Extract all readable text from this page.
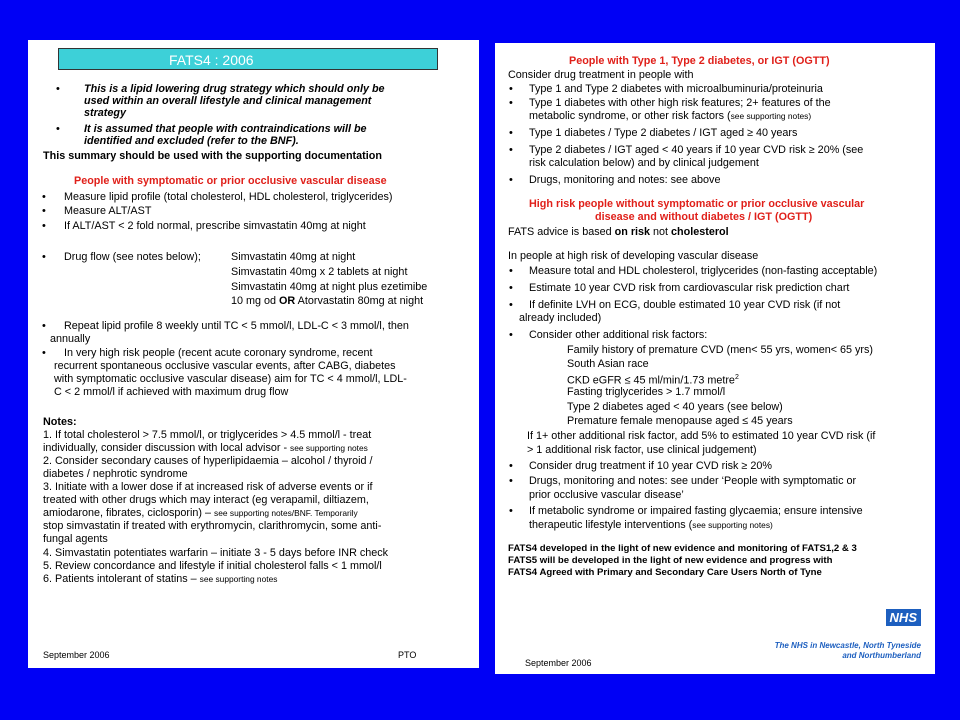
FATS4 : 2006
• This is a lipid lowering drug strategy which should only be
used within an overall lifestyle and clinical management
strategy
• It is assumed that people with contraindications will be
identified and excluded (refer to the BNF).
This summary should be used with the supporting documentation
People with symptomatic or prior occlusive vascular disease
• Measure lipid profile (total cholesterol, HDL cholesterol, triglycerides)
• Measure ALT/AST
• If ALT/AST < 2 fold normal, prescribe simvastatin 40mg at night
• Drug flow (see notes below);	Simvastatin 40mg at night
Simvastatin 40mg x 2 tablets at night
Simvastatin 40mg at night plus ezetimibe
10 mg od OR Atorvastatin 80mg at night
• Repeat lipid profile 8 weekly until TC < 5 mmol/l, LDL-C < 3 mmol/l, then
annually
• In very high risk people (recent acute coronary syndrome, recent
recurrent spontaneous occlusive vascular events, after CABG, diabetes
with symptomatic occlusive vascular disease) aim for TC < 4 mmol/l, LDL-
C < 2 mmol/l if achieved with maximum drug flow
Notes:
1. If total cholesterol > 7.5 mmol/l, or triglycerides > 4.5 mmol/l - treat
individually, consider discussion with local advisor - see supporting notes
2. Consider secondary causes of hyperlipidaemia – alcohol / thyroid /
diabetes / nephrotic syndrome
3. Initiate with a lower dose if at increased risk of adverse events or if
treated with other drugs which may interact (eg verapamil, diltiazem,
amiodarone, fibrates, ciclosporin) – see supporting notes/BNF. Temporarily
stop simvastatin if treated with erythromycin, clarithromycin, some anti-
fungal agents
4. Simvastatin potentiates warfarin – initiate 3 - 5 days before INR check
5. Review concordance and lifestyle if initial cholesterol falls < 1 mmol/l
6. Patients intolerant of statins – see supporting notes
September 2006	PTO
People with Type 1, Type 2 diabetes, or IGT (OGTT)
Consider drug treatment in people with
• Type 1 and Type 2 diabetes with microalbuminuria/proteinuria
• Type 1 diabetes with other high risk features; 2+ features of the
metabolic syndrome, or other risk factors (see supporting notes)
• Type 1 diabetes / Type 2 diabetes / IGT aged ≥ 40 years
• Type 2 diabetes / IGT aged < 40 years if 10 year CVD risk ≥ 20% (see
risk calculation below) and by clinical judgement
• Drugs, monitoring and notes: see above
High risk people without symptomatic or prior occlusive vascular
disease and without diabetes / IGT (OGTT)
FATS advice is based on risk not cholesterol
In people at high risk of developing vascular disease
• Measure total and HDL cholesterol, triglycerides (non-fasting acceptable)
• Estimate 10 year CVD risk from cardiovascular risk prediction chart
• If definite LVH on ECG, double estimated 10 year CVD risk (if not
already included)
• Consider other additional risk factors:
Family history of premature CVD (men< 55 yrs, women< 65 yrs)
South Asian race
CKD eGFR ≤ 45 ml/min/1.73 metre$^2$
Fasting triglycerides > 1.7 mmol/l
Type 2 diabetes aged < 40 years (see below)
Premature female menopause aged ≤ 45 years
If 1+ other additional risk factor, add 5% to estimated 10 year CVD risk (if
> 1 additional risk factor, use clinical judgement)
• Consider drug treatment if 10 year CVD risk ≥ 20%
• Drugs, monitoring and notes: see under ‘People with symptomatic or
prior occlusive vascular disease’
• If metabolic syndrome or impaired fasting glycaemia; ensure intensive
therapeutic lifestyle interventions (see supporting notes)
FATS4 developed in the light of new evidence and monitoring of FATS1,2 & 3
FATS5 will be developed in the light of new evidence and progress with
FATS4 Agreed with Primary and Secondary Care Users North of Tyne
NHS
The NHS in Newcastle, North Tyneside
and Northumberland
September 2006
